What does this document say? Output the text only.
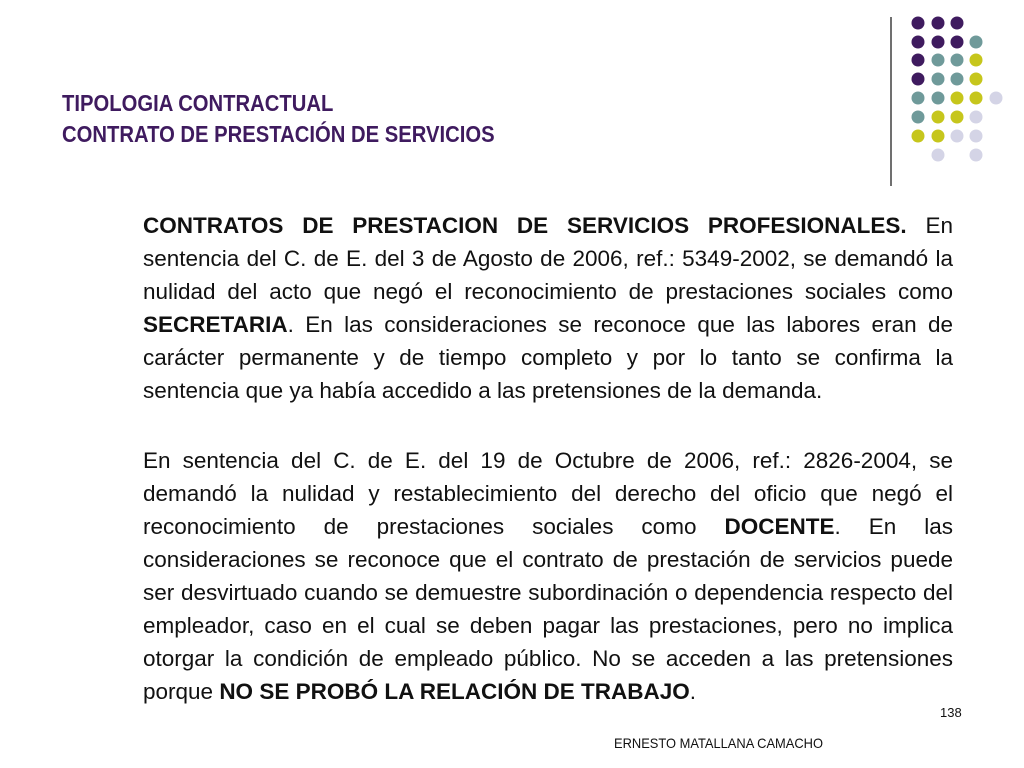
TIPOLOGIA CONTRACTUAL
CONTRATO DE PRESTACIÓN DE SERVICIOS

CONTRATOS DE PRESTACION DE SERVICIOS PROFESIONALES. En sentencia del C. de E. del 3 de Agosto de 2006, ref.: 5349-2002, se demandó la nulidad del acto que negó el reconocimiento de prestaciones sociales como SECRETARIA. En las consideraciones se reconoce que las labores eran de carácter permanente y de tiempo completo y por lo tanto se confirma la sentencia que ya había accedido a las pretensiones de la demanda.

En sentencia del C. de E. del 19 de Octubre de 2006, ref.: 2826-2004, se demandó la nulidad y restablecimiento del derecho del oficio que negó el reconocimiento de prestaciones sociales como DOCENTE. En las consideraciones se reconoce que el contrato de prestación de servicios puede ser desvirtuado cuando se demuestre subordinación o dependencia respecto del empleador, caso en el cual se deben pagar las prestaciones, pero no implica otorgar la condición de empleado público. No se acceden a las pretensiones porque NO SE PROBÓ LA RELACIÓN DE TRABAJO.

138
ERNESTO MATALLANA CAMACHO
